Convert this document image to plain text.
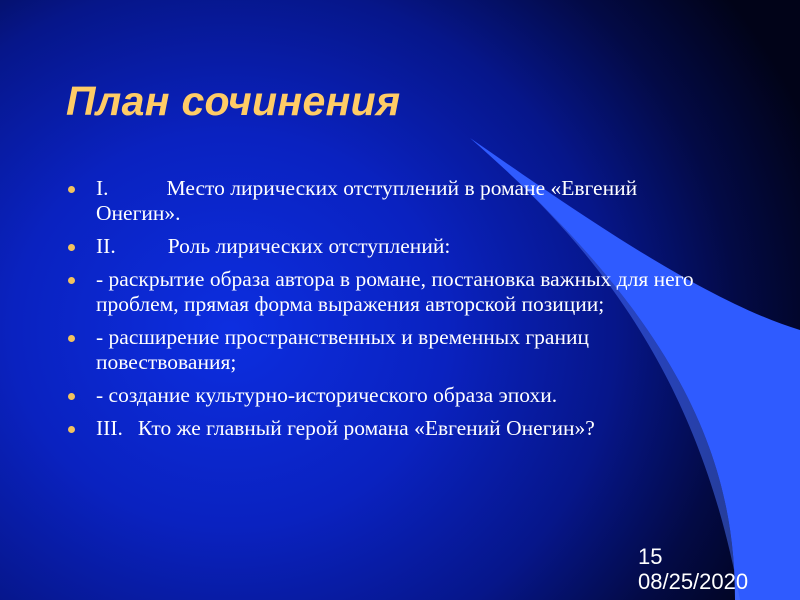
План сочинения
I.	Место лирических отступлений в романе «Евгений Онегин».
II. Роль лирических отступлений:
- раскрытие образа автора в романе, постановка важных для него проблем, прямая форма выражения авторской позиции;
- расширение пространственных и временных границ повествования;
- создание культурно-исторического образа эпохи.
III. Кто же главный герой романа «Евгений Онегин»?
15
08/25/2020
